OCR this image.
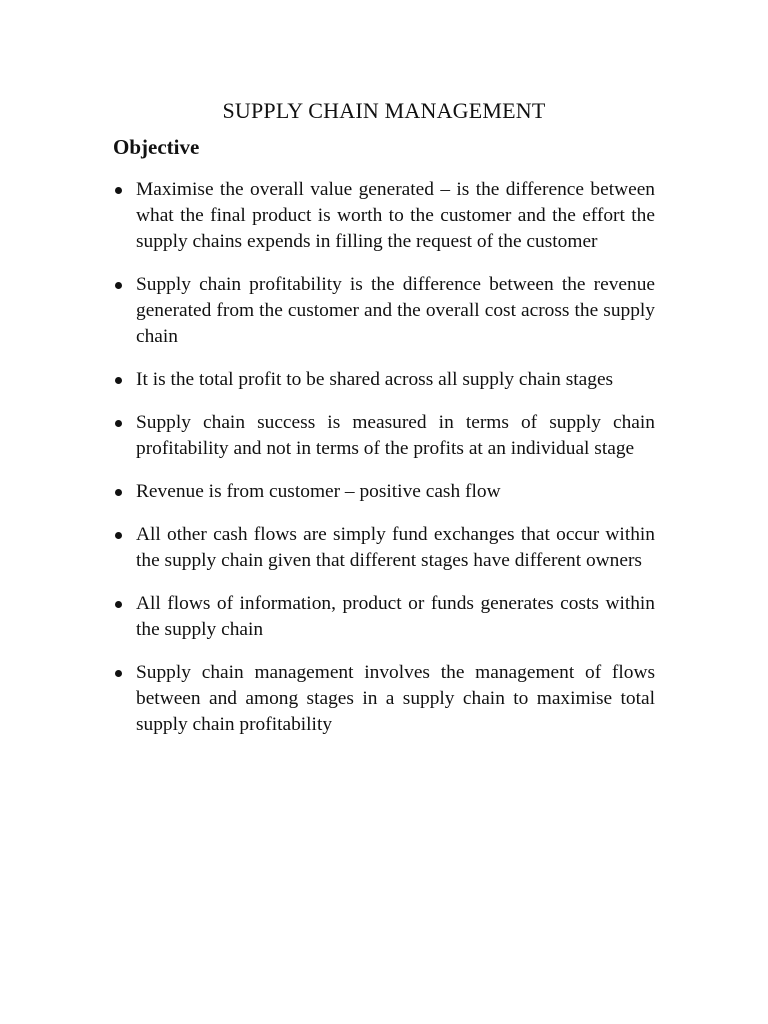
SUPPLY CHAIN MANAGEMENT
Objective
Maximise the overall value generated – is the difference between what the final product is worth to the customer and the effort the supply chains expends in filling the request of the customer
Supply chain profitability is the difference between the revenue generated from the customer and the overall cost across the supply chain
It is the total profit to be shared across all supply chain stages
Supply chain success is measured in terms of supply chain profitability and not in terms of the profits at an individual stage
Revenue is from customer – positive cash flow
All other cash flows are simply fund exchanges that occur within the supply chain given that different stages have different owners
All flows of information, product or funds generates costs within the supply chain
Supply chain management involves the management of flows between and among stages in a supply chain to maximise total supply chain profitability
